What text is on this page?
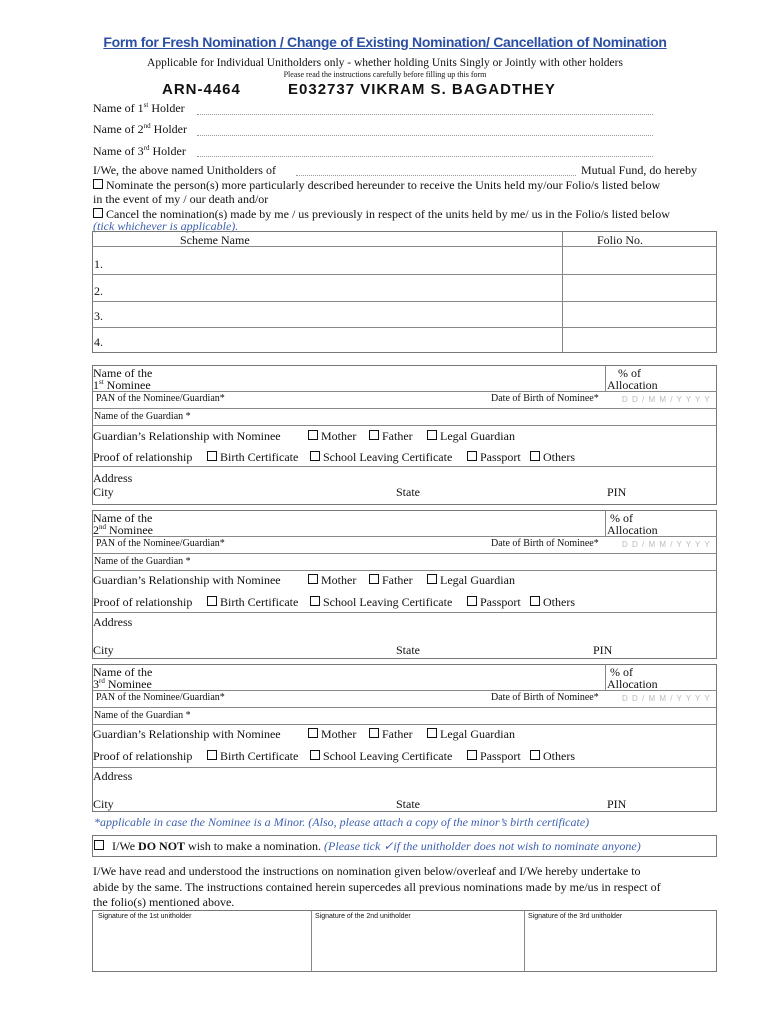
Form for Fresh Nomination / Change of Existing Nomination/ Cancellation of Nomination
Applicable for Individual Unitholders only - whether holding Units Singly or Jointly with other holders
Please read the instructions carefully before filling up this form
ARN-4464	E032737 VIKRAM S. BAGADTHEY
Name of 1st Holder
Name of 2nd Holder
Name of 3rd Holder
I/We, the above named Unitholders of	Mutual Fund, do hereby
Nominate the person(s) more particularly described hereunder to receive the Units held my/our Folio/s listed below
in the event of my / our death and/or
Cancel the nomination(s) made by me / us previously in respect of the units held by me/ us in the Folio/s listed below
(tick whichever is applicable).
Scheme Name	Folio No.
1.
2.
3.
4.
Name of the
1st Nominee
% of
Allocation
PAN of the Nominee/Guardian*	Date of Birth of Nominee*	D D / M M / Y Y Y Y
Name of the Guardian *
Guardian’s Relationship with Nominee	Mother	Father	Legal Guardian
Proof of relationship	Birth Certificate	School Leaving Certificate	Passport	Others
Address
City	State	PIN
Name of the
2nd Nominee
% of
Allocation
PAN of the Nominee/Guardian*	Date of Birth of Nominee*	D D / M M / Y Y Y Y
Name of the Guardian *
Guardian’s Relationship with Nominee	Mother	Father	Legal Guardian
Proof of relationship	Birth Certificate	School Leaving Certificate	Passport	Others
Address
City	State	PIN
Name of the
3rd Nominee
% of
Allocation
PAN of the Nominee/Guardian*	Date of Birth of Nominee*	D D / M M / Y Y Y Y
Name of the Guardian *
Guardian’s Relationship with Nominee	Mother	Father	Legal Guardian
Proof of relationship	Birth Certificate	School Leaving Certificate	Passport	Others
Address
City	State	PIN
*applicable in case the Nominee is a Minor. (Also, please attach a copy of the minor’s birth certificate)
I/We DO NOT wish to make a nomination. (Please tick ✓if the unitholder does not wish to nominate anyone)
I/We have read and understood the instructions on nomination given below/overleaf and I/We hereby undertake to
abide by the same. The instructions contained herein supercedes all previous nominations made by me/us in respect of
the folio(s) mentioned above.
Signature of the 1st unitholder	Signature of the 2nd unitholder	Signature of the 3rd unitholder
